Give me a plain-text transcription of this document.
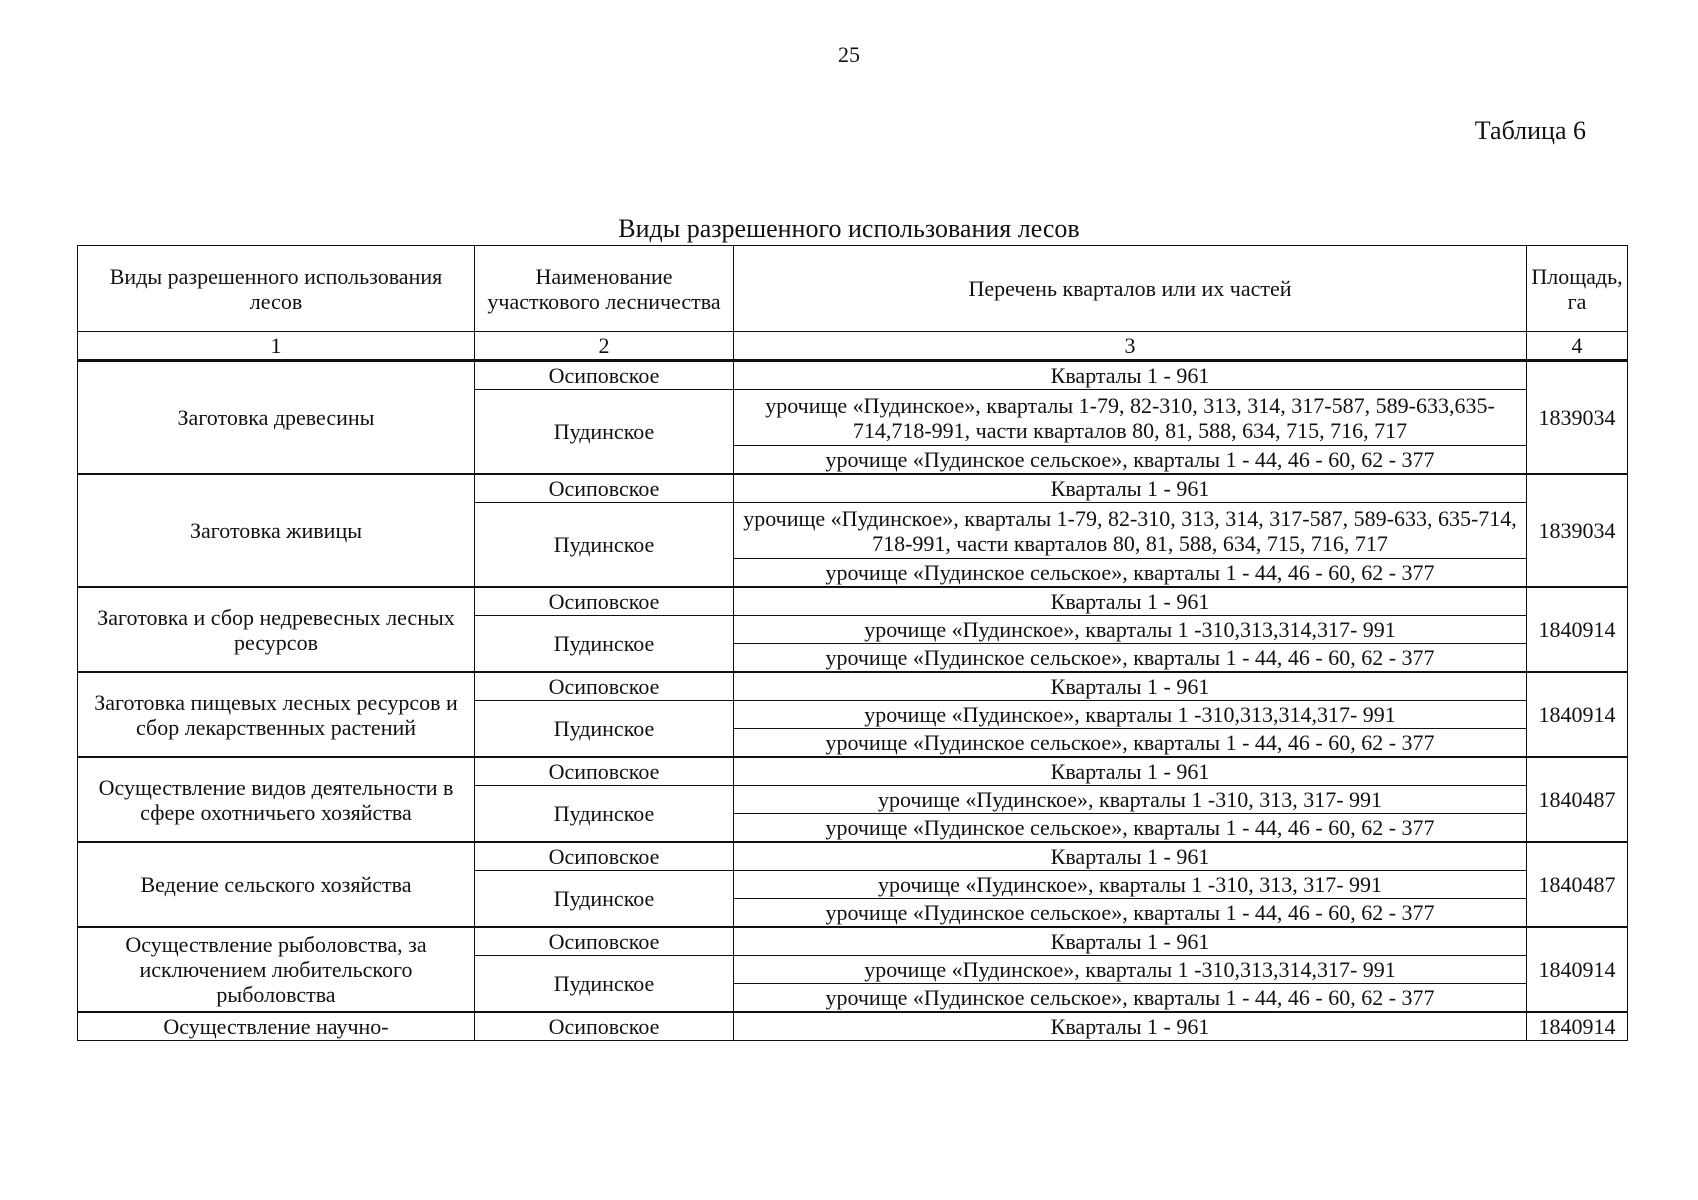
25
Таблица 6
Виды разрешенного использования лесов
Виды разрешенного использования лесов	Наименование участкового лесничества	Перечень кварталов или их частей	Площадь, га
1	2	3	4
Заготовка древесины	Осиповское	Кварталы 1 - 961	1839034
	Пудинское	урочище «Пудинское», кварталы 1-79, 82-310, 313, 314, 317-587, 589-633,635-714,718-991, части кварталов 80, 81, 588, 634, 715, 716, 717	
		урочище «Пудинское сельское», кварталы 1 - 44, 46 - 60, 62 - 377	
Заготовка живицы	Осиповское	Кварталы 1 - 961	1839034
	Пудинское	урочище «Пудинское», кварталы 1-79, 82-310, 313, 314, 317-587, 589-633, 635-714, 718-991, части кварталов 80, 81, 588, 634, 715, 716, 717	
		урочище «Пудинское сельское», кварталы 1 - 44, 46 - 60, 62 - 377	
Заготовка и сбор недревесных лесных ресурсов	Осиповское	Кварталы 1 - 961	1840914
	Пудинское	урочище «Пудинское», кварталы 1 -310,313,314,317- 991	
		урочище «Пудинское сельское», кварталы 1 - 44, 46 - 60, 62 - 377	
Заготовка пищевых лесных ресурсов и сбор лекарственных растений	Осиповское	Кварталы 1 - 961	1840914
	Пудинское	урочище «Пудинское», кварталы 1 -310,313,314,317- 991	
		урочище «Пудинское сельское», кварталы 1 - 44, 46 - 60, 62 - 377	
Осуществление видов деятельности в сфере охотничьего хозяйства	Осиповское	Кварталы 1 - 961	1840487
	Пудинское	урочище «Пудинское», кварталы 1 -310, 313, 317- 991	
		урочище «Пудинское сельское», кварталы 1 - 44, 46 - 60, 62 - 377	
Ведение сельского хозяйства	Осиповское	Кварталы 1 - 961	1840487
	Пудинское	урочище «Пудинское», кварталы 1 -310, 313, 317- 991	
		урочище «Пудинское сельское», кварталы 1 - 44, 46 - 60, 62 - 377	
Осуществление рыболовства, за исключением любительского рыболовства	Осиповское	Кварталы 1 - 961	1840914
	Пудинское	урочище «Пудинское», кварталы 1 -310,313,314,317- 991	
		урочище «Пудинское сельское», кварталы 1 - 44, 46 - 60, 62 - 377	
Осуществление научно-	Осиповское	Кварталы 1 - 961	1840914
